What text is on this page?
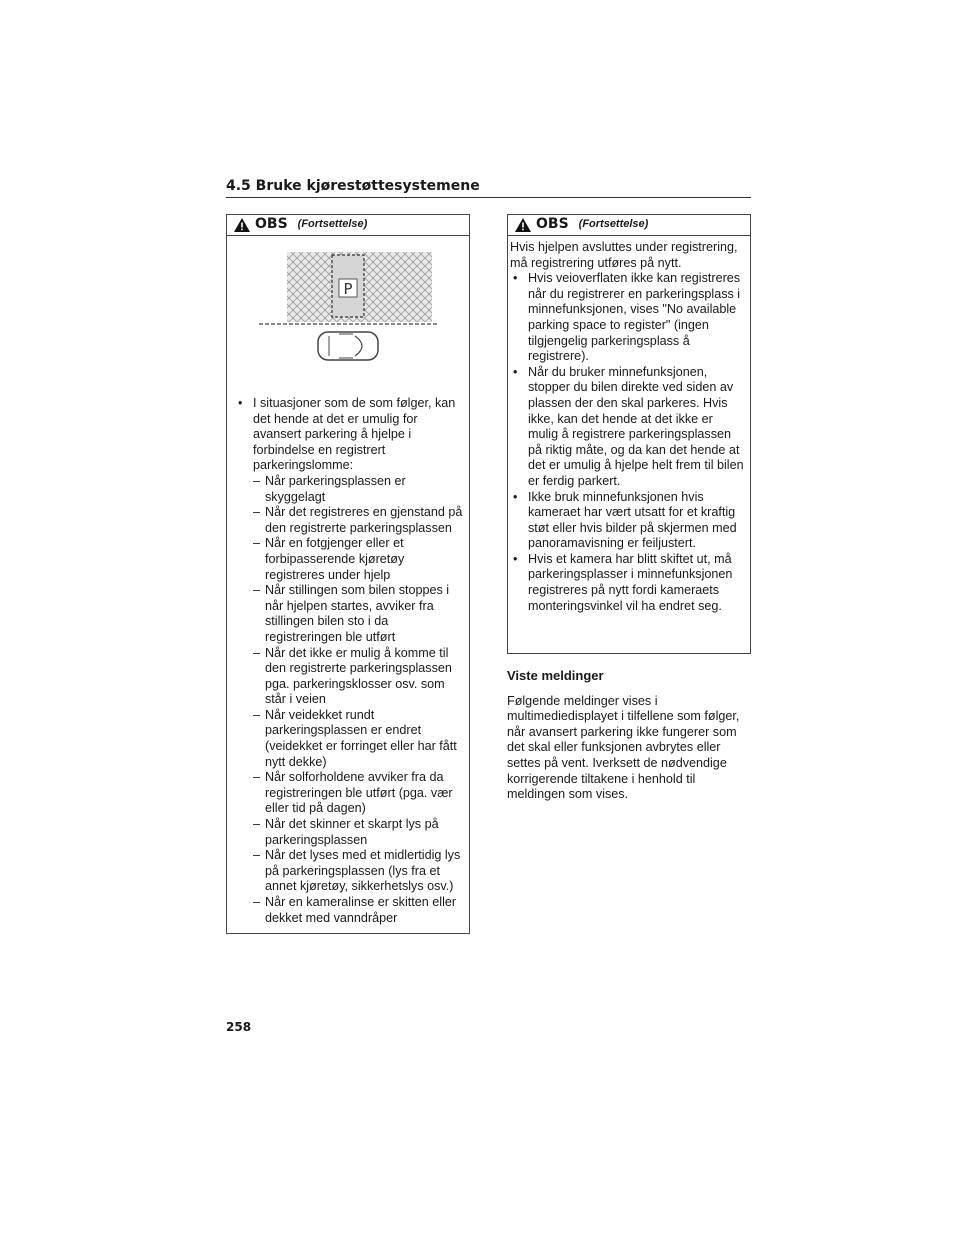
4.5 Bruke kjørestøttesystemene
OBS (Fortsettelse)
P
• I situasjoner som de som følger, kan det hende at det er umulig for avansert parkering å hjelpe i forbindelse en registrert parkeringslomme:
– Når parkeringsplassen er skyggelagt
– Når det registreres en gjenstand på den registrerte parkeringsplassen
– Når en fotgjenger eller et forbipasserende kjøretøy registreres under hjelp
– Når stillingen som bilen stoppes i når hjelpen startes, avviker fra stillingen bilen sto i da registreringen ble utført
– Når det ikke er mulig å komme til den registrerte parkeringsplassen pga. parkeringsklosser osv. som står i veien
– Når veidekket rundt parkeringsplassen er endret (veidekket er forringet eller har fått nytt dekke)
– Når solforholdene avviker fra da registreringen ble utført (pga. vær eller tid på dagen)
– Når det skinner et skarpt lys på parkeringsplassen
– Når det lyses med et midlertidig lys på parkeringsplassen (lys fra et annet kjøretøy, sikkerhetslys osv.)
– Når en kameralinse er skitten eller dekket med vanndråper
OBS (Fortsettelse)

Hvis hjelpen avsluttes under registrering, må registrering utføres på nytt.

• Hvis veioverflaten ikke kan registreres når du registrerer en parkeringsplass i minnefunksjonen, vises "No available parking space to register" (ingen tilgjengelig parkeringsplass å registrere).
• Når du bruker minnefunksjonen, stopper du bilen direkte ved siden av plassen der den skal parkeres. Hvis ikke, kan det hende at det ikke er mulig å registrere parkeringsplassen på riktig måte, og da kan det hende at det er umulig å hjelpe helt frem til bilen er ferdig parkert.
• Ikke bruk minnefunksjonen hvis kameraet har vært utsatt for et kraftig støt eller hvis bilder på skjermen med panoramavisning er feiljustert.
• Hvis et kamera har blitt skiftet ut, må parkeringsplasser i minnefunksjonen registreres på nytt fordi kameraets monteringsvinkel vil ha endret seg.
Viste meldinger

Følgende meldinger vises i multimediedisplayet i tilfellene som følger, når avansert parkering ikke fungerer som det skal eller funksjonen avbrytes eller settes på vent. Iverksett de nødvendige korrigerende tiltakene i henhold til meldingen som vises.

258
